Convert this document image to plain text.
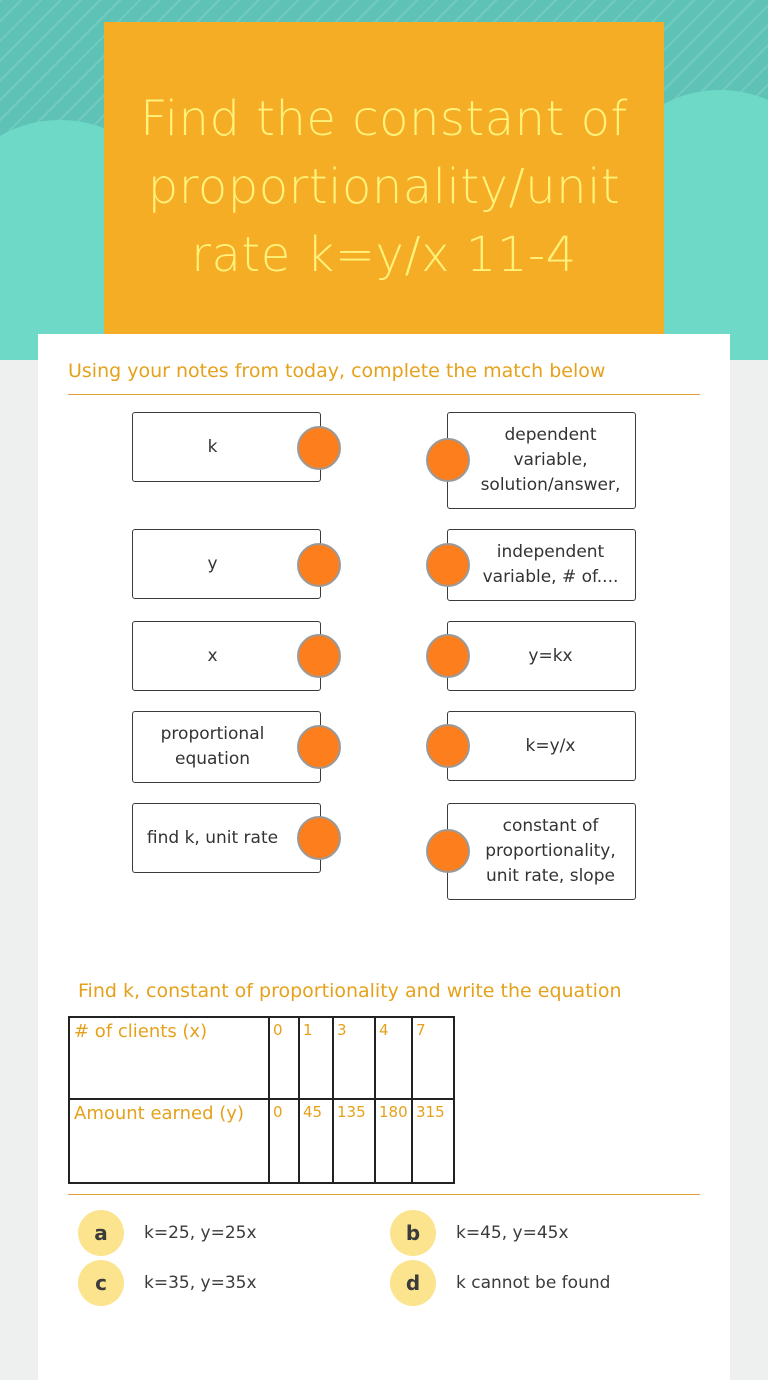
Find the constant of proportionality/unit rate k=y/x 11-4
Using your notes from today, complete the match below
k
y
x
proportional equation
find k, unit rate
dependent variable, solution/answer,
independent variable, # of....
y=kx
k=y/x
constant of proportionality, unit rate, slope
Find k, constant of proportionality and write the equation
# of clients (x)	0	1	3	4	7
Amount earned (y)	0	45	135	180	315
a	k=25, y=25x	b	k=45, y=45x
c	k=35, y=35x	d	k cannot be found
